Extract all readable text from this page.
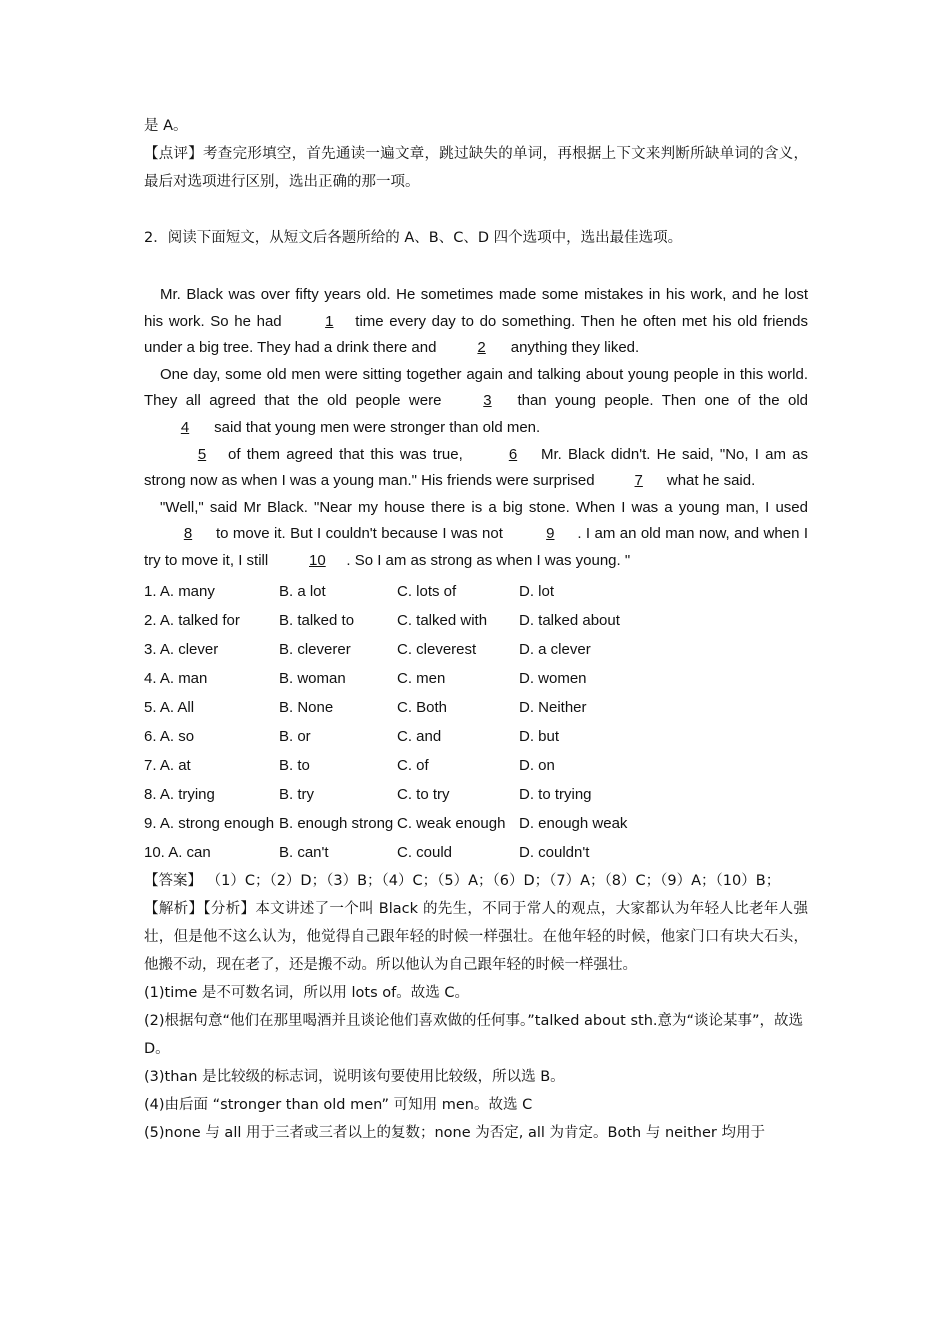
是 A。

【点评】考查完形填空，首先通读一遍文章，跳过缺失的单词，再根据上下文来判断所缺单词的含义，最后对选项进行区别，选出正确的那一项。

2．阅读下面短文，从短文后各题所给的 A、B、C、D 四个选项中，选出最佳选项。

Mr. Black was over fifty years old. He sometimes made some mistakes in his work, and he lost his work. So he had	1 time every day to do something. Then he often met his old friends under a big tree. They had a drink there and 2 anything they liked.

One day, some old men were sitting together again and talking about young people in this world. They all agreed that the old people were	3 than young people. Then one of the old 4 said that young men were stronger than old men.

5 of them agreed that this was true,	6 Mr. Black didn't. He said, "No, I am as strong now as when I was a young man." His friends were surprised 7 what he said.

"Well," said Mr Black. "Near my house there is a big stone. When I was a young man, I used 8 to move it. But I couldn't because I was not	9 . I am an old man now, and when I try to move it, I still 10 . So I am as strong as when I was young. "

1. A. many	B. a lot	C. lots of	D. lot
2. A. talked for	B. talked to	C. talked with	D. talked about
3. A. clever	B. cleverer	C. cleverest	D. a clever
4. A. man	B. woman	C. men	D. women
5. A. All	B. None	C. Both	D. Neither
6. A. so	B. or	C. and	D. but
7. A. at	B. to	C. of	D. on
8. A. trying	B. try	C. to try	D. to trying
9. A. strong enough B. enough strong C. weak enough D. enough weak
10. A. can	B. can't	C. could	D. couldn't

【答案】 （1）C；（2）D；（3）B；（4）C；（5）A；（6）D；（7）A；（8）C；（9）A；（10）B；

【解析】【分析】本文讲述了一个叫 Black 的先生，不同于常人的观点，大家都认为年轻人比老年人强壮，但是他不这么认为，他觉得自己跟年轻的时候一样强壮。在他年轻的时候，他家门口有块大石头，他搬不动，现在老了，还是搬不动。所以他认为自己跟年轻的时候一样强壮。

(1)time 是不可数名词，所以用 lots of。故选 C。

(2)根据句意“他们在那里喝酒并且谈论他们喜欢做的任何事。”talked about sth.意为“谈论某事”，故选 D。

(3)than 是比较级的标志词，说明该句要使用比较级，所以选 B。

(4)由后面 “stronger than old men” 可知用 men。故选 C

(5)none 与 all 用于三者或三者以上的复数；none 为否定, all 为肯定。Both 与 neither 均用于
